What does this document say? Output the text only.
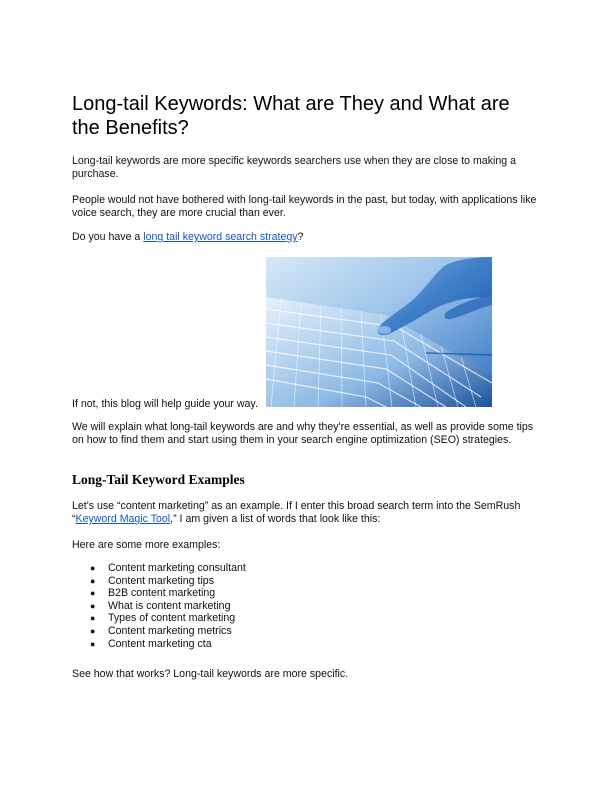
Long-tail Keywords: What are They and What are the Benefits?

Long-tail keywords are more specific keywords searchers use when they are close to making a purchase.

People would not have bothered with long-tail keywords in the past, but today, with applications like voice search, they are more crucial than ever.

Do you have a long tail keyword search strategy?

If not, this blog will help guide your way.

We will explain what long-tail keywords are and why they're essential, as well as provide some tips on how to find them and start using them in your search engine optimization (SEO) strategies.

Long-Tail Keyword Examples

Let's use “content marketing” as an example. If I enter this broad search term into the SemRush “Keyword Magic Tool,” I am given a list of words that look like this:

Here are some more examples:

● Content marketing consultant
● Content marketing tips
● B2B content marketing
● What is content marketing
● Types of content marketing
● Content marketing metrics
● Content marketing cta

See how that works? Long-tail keywords are more specific.
